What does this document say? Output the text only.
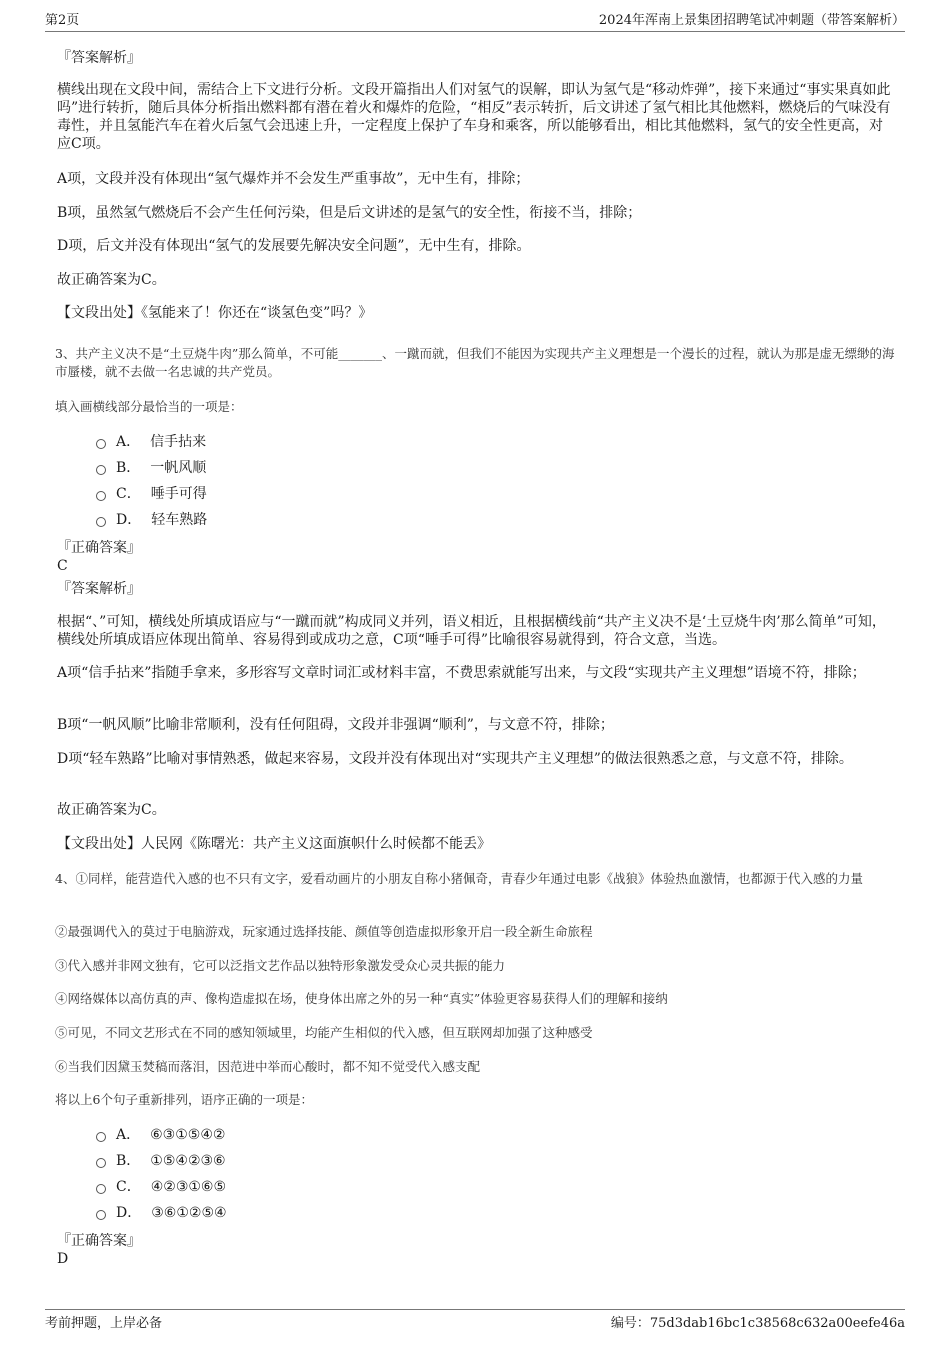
第2页	2024年浑南上景集团招聘笔试冲刺题（带答案解析）
『答案解析』
横线出现在文段中间，需结合上下文进行分析。文段开篇指出人们对氢气的误解，即认为氢气是“移动炸弹”，接下来通过“事实果真如此吗”进行转折，随后具体分析指出燃料都有潜在着火和爆炸的危险，“相反”表示转折，后文讲述了氢气相比其他燃料，燃烧后的气味没有毒性，并且氢能汽车在着火后氢气会迅速上升，一定程度上保护了车身和乘客，所以能够看出，相比其他燃料，氢气的安全性更高，对应C项。
A项，文段并没有体现出“氢气爆炸并不会发生严重事故”，无中生有，排除；
B项，虽然氢气燃烧后不会产生任何污染，但是后文讲述的是氢气的安全性，衔接不当，排除；
D项，后文并没有体现出“氢气的发展要先解决安全问题”，无中生有，排除。
故正确答案为C。
【文段出处】《氢能来了！你还在“谈氢色变”吗？》
3、共产主义决不是“土豆烧牛肉”那么简单，不可能_______、一蹴而就，但我们不能因为实现共产主义理想是一个漫长的过程，就认为那是虚无缥缈的海市蜃楼，就不去做一名忠诚的共产党员。
填入画横线部分最恰当的一项是：
A． 信手拈来
B． 一帆风顺
C． 唾手可得
D． 轻车熟路
『正确答案』
C
『答案解析』
根据“、”可知，横线处所填成语应与“一蹴而就”构成同义并列，语义相近，且根据横线前“共产主义决不是‘土豆烧牛肉’那么简单”可知，横线处所填成语应体现出简单、容易得到或成功之意，C项“唾手可得”比喻很容易就得到，符合文意，当选。
A项“信手拈来”指随手拿来，多形容写文章时词汇或材料丰富，不费思索就能写出来，与文段“实现共产主义理想”语境不符，排除；
B项“一帆风顺”比喻非常顺利，没有任何阻碍，文段并非强调“顺利”，与文意不符，排除；
D项“轻车熟路”比喻对事情熟悉，做起来容易，文段并没有体现出对“实现共产主义理想”的做法很熟悉之意，与文意不符，排除。
故正确答案为C。
【文段出处】人民网《陈曙光：共产主义这面旗帜什么时候都不能丢》
4、①同样，能营造代入感的也不只有文字，爱看动画片的小朋友自称小猪佩奇，青春少年通过电影《战狼》体验热血激情，也都源于代入感的力量
②最强调代入的莫过于电脑游戏，玩家通过选择技能、颜值等创造虚拟形象开启一段全新生命旅程
③代入感并非网文独有，它可以泛指文艺作品以独特形象激发受众心灵共振的能力
④网络媒体以高仿真的声、像构造虚拟在场，使身体出席之外的另一种“真实”体验更容易获得人们的理解和接纳
⑤可见，不同文艺形式在不同的感知领域里，均能产生相似的代入感，但互联网却加强了这种感受
⑥当我们因黛玉焚稿而落泪，因范进中举而心酸时，都不知不觉受代入感支配
将以上6个句子重新排列，语序正确的一项是：
A． ⑥③①⑤④②
B． ①⑤④②③⑥
C． ④②③①⑥⑤
D． ③⑥①②⑤④
『正确答案』
D
考前押题，上岸必备	编号：75d3dab16bc1c38568c632a00eefe46a
